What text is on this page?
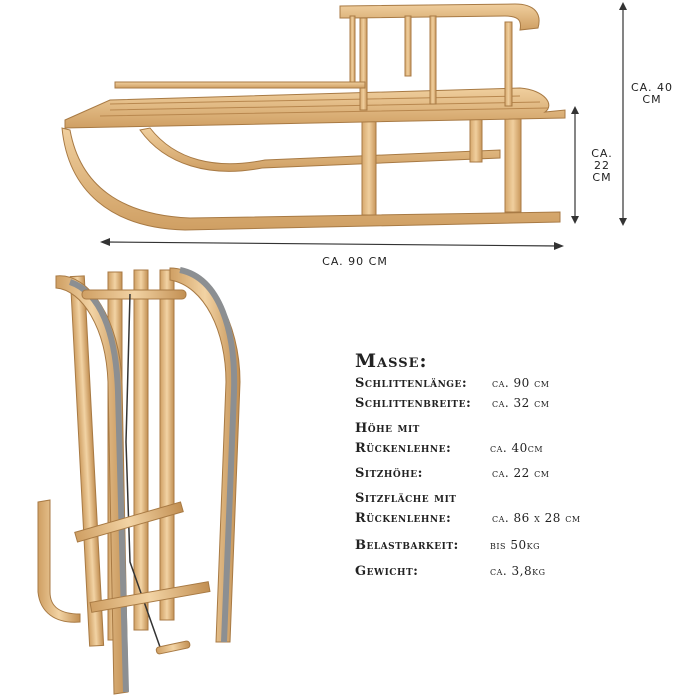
CA. 40 CM
CA. 22 CM
CA. 90 CM
Masse:
Schlittenlänge: ca. 90 cm
Schlittenbreite: ca. 32 cm
Höhe mit
Rückenlehne:	ca. 40cm
Sitzhöhe:	ca. 22 cm
Sitzfläche mit
Rückenlehne:	ca. 86 x 28 cm
Belastbarkeit:	bis 50kg
Gewicht:	ca. 3,8kg
